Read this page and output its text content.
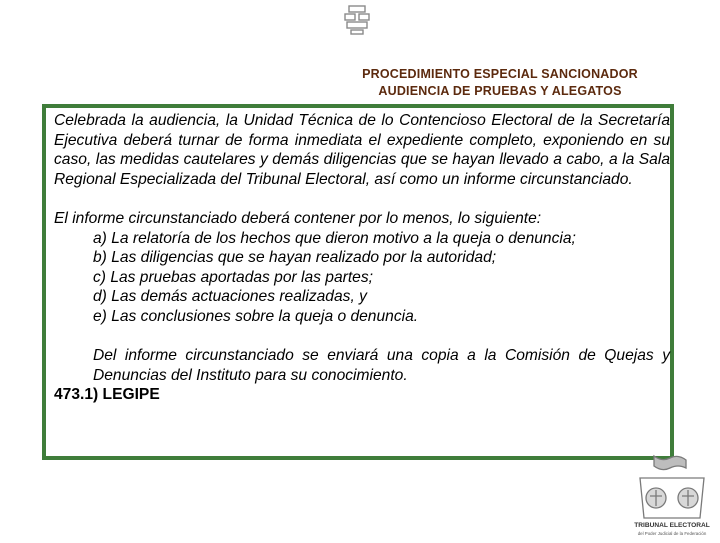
PROCEDIMIENTO ESPECIAL SANCIONADOR
AUDIENCIA DE PRUEBAS Y ALEGATOS

Celebrada la audiencia, la Unidad Técnica de lo Contencioso Electoral de la Secretaría Ejecutiva deberá turnar de forma inmediata el expediente completo, exponiendo en su caso, las medidas cautelares y demás diligencias que se hayan llevado a cabo, a la Sala Regional Especializada del Tribunal Electoral, así como un informe circunstanciado.

El informe circunstanciado deberá contener por lo menos, lo siguiente:

a) La relatoría de los hechos que dieron motivo a la queja o denuncia;
b) Las diligencias que se hayan realizado por la autoridad;
c) Las pruebas aportadas por las partes;
d) Las demás actuaciones realizadas, y
e) Las conclusiones sobre la queja o denuncia.

Del informe circunstanciado se enviará una copia a la Comisión de Quejas y Denuncias del Instituto para su conocimiento.

473.1) LEGIPE

TRIBUNAL ELECTORAL
del Poder Judicial de la Federación
